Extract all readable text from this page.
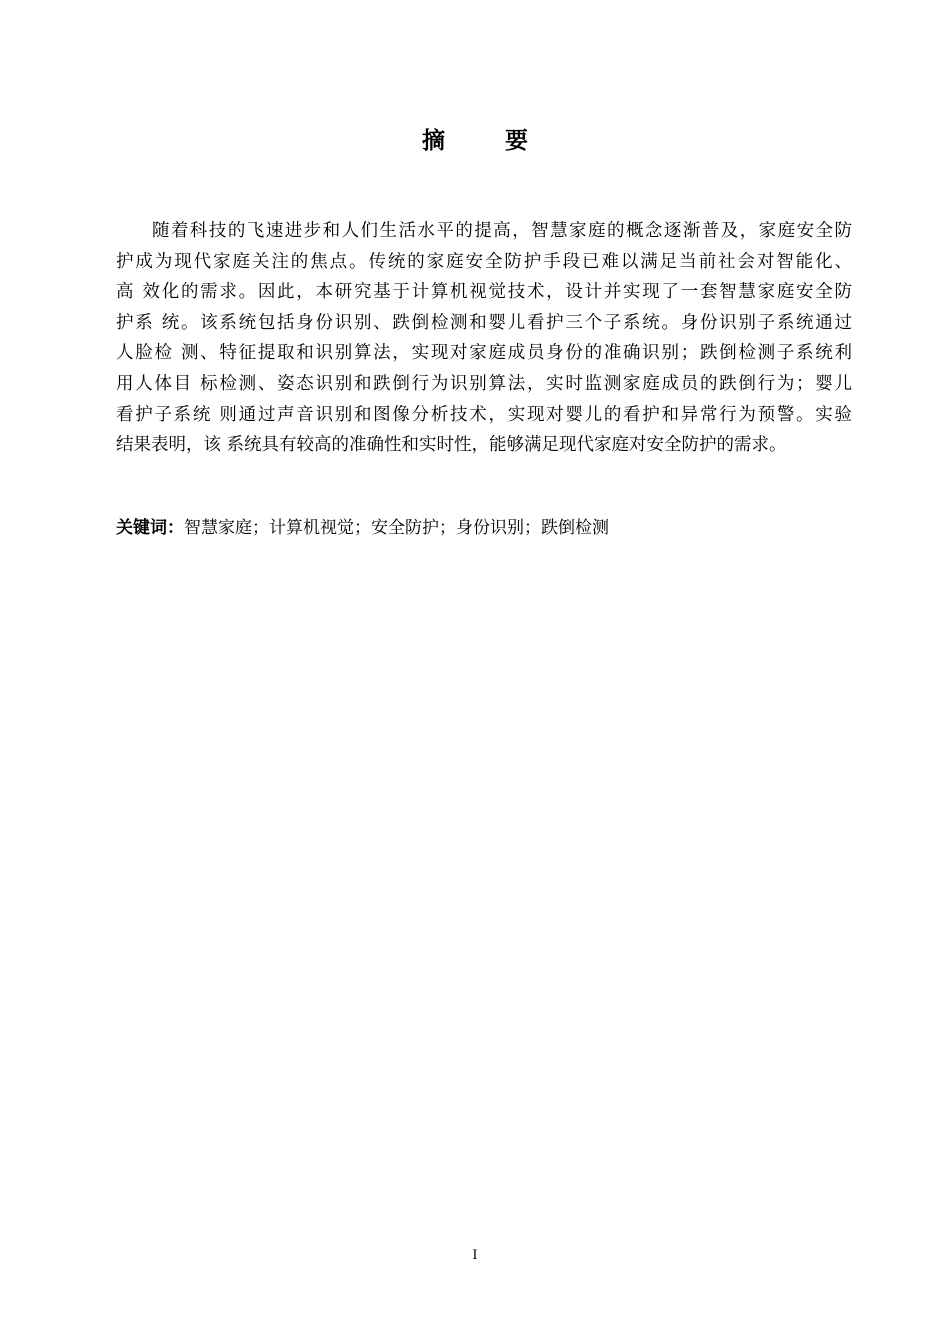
摘 要
随着科技的飞速进步和人们生活水平的提高，智慧家庭的概念逐渐普及，家庭安全防
护成为现代家庭关注的焦点。传统的家庭安全防护手段已难以满足当前社会对智能化、
高 效化的需求。因此，本研究基于计算机视觉技术，设计并实现了一套智慧家庭安全防
护系 统。该系统包括身份识别、跌倒检测和婴儿看护三个子系统。身份识别子系统通过
人脸检 测、特征提取和识别算法，实现对家庭成员身份的准确识别；跌倒检测子系统利
用人体目 标检测、姿态识别和跌倒行为识别算法，实时监测家庭成员的跌倒行为；婴儿
看护子系统 则通过声音识别和图像分析技术，实现对婴儿的看护和异常行为预警。实验
结果表明，该 系统具有较高的准确性和实时性，能够满足现代家庭对安全防护的需求。
关键词：智慧家庭；计算机视觉；安全防护；身份识别；跌倒检测
I
